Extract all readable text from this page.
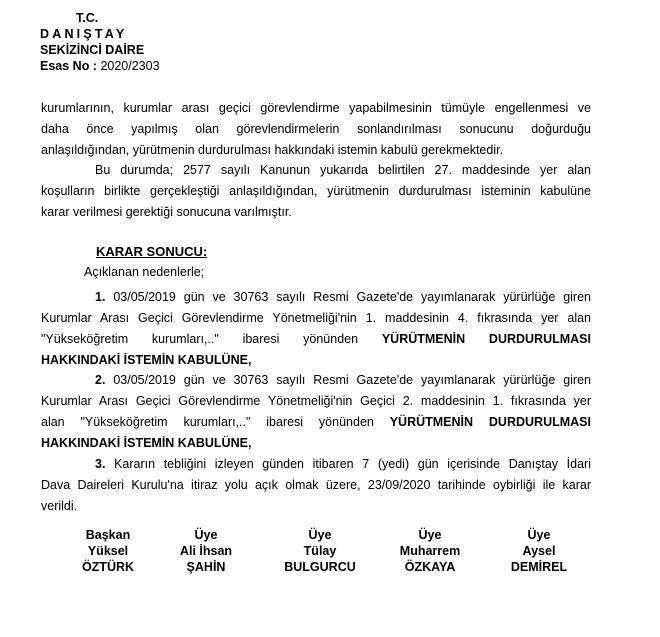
T.C.
DANIŞTAY
SEKİZİNCİ DAİRE
Esas No : 2020/2303
kurumlarının, kurumlar arası geçici görevlendirme yapabilmesinin tümüyle engellenmesi ve
daha önce yapılmış olan görevlendirmelerin sonlandırılması sonucunu doğurduğu
anlaşıldığından, yürütmenin durdurulması hakkındaki istemin kabulü gerekmektedir.
Bu durumda; 2577 sayılı Kanunun yukarıda belirtilen 27. maddesinde yer alan
koşulların birlikte gerçekleştiği anlaşıldığından, yürütmenin durdurulması isteminin kabulüne
karar verilmesi gerektiği sonucuna varılmıştır.
KARAR SONUCU:
Açıklanan nedenlerle;
1. 03/05/2019 gün ve 30763 sayılı Resmi Gazete'de yayımlanarak yürürlüğe giren
Kurumlar Arası Geçici Görevlendirme Yönetmeliği'nin 1. maddesinin 4. fıkrasında yer alan
"Yükseköğretim kurumları,.." ibaresi yönünden YÜRÜTMENİN DURDURULMASI
HAKKINDAKİ İSTEMİN KABULÜNE,
2. 03/05/2019 gün ve 30763 sayılı Resmi Gazete'de yayımlanarak yürürlüğe giren
Kurumlar Arası Geçici Görevlendirme Yönetmeliği'nin Geçici 2. maddesinin 1. fıkrasında yer
alan "Yükseköğretim kurumları,.." ibaresi yönünden YÜRÜTMENİN DURDURULMASI
HAKKINDAKİ İSTEMİN KABULÜNE,
3. Kararın tebliğini izleyen günden itibaren 7 (yedi) gün içerisinde Danıştay İdari
Dava Daireleri Kurulu'na itiraz yolu açık olmak üzere, 23/09/2020 tarihinde oybirliği ile karar
verildi.
Başkan
Yüksel
ÖZTÜRK
Üye
Ali İhsan
ŞAHİN
Üye
Tülay
BULGURCU
Üye
Muharrem
ÖZKAYA
Üye
Aysel
DEMİREL
